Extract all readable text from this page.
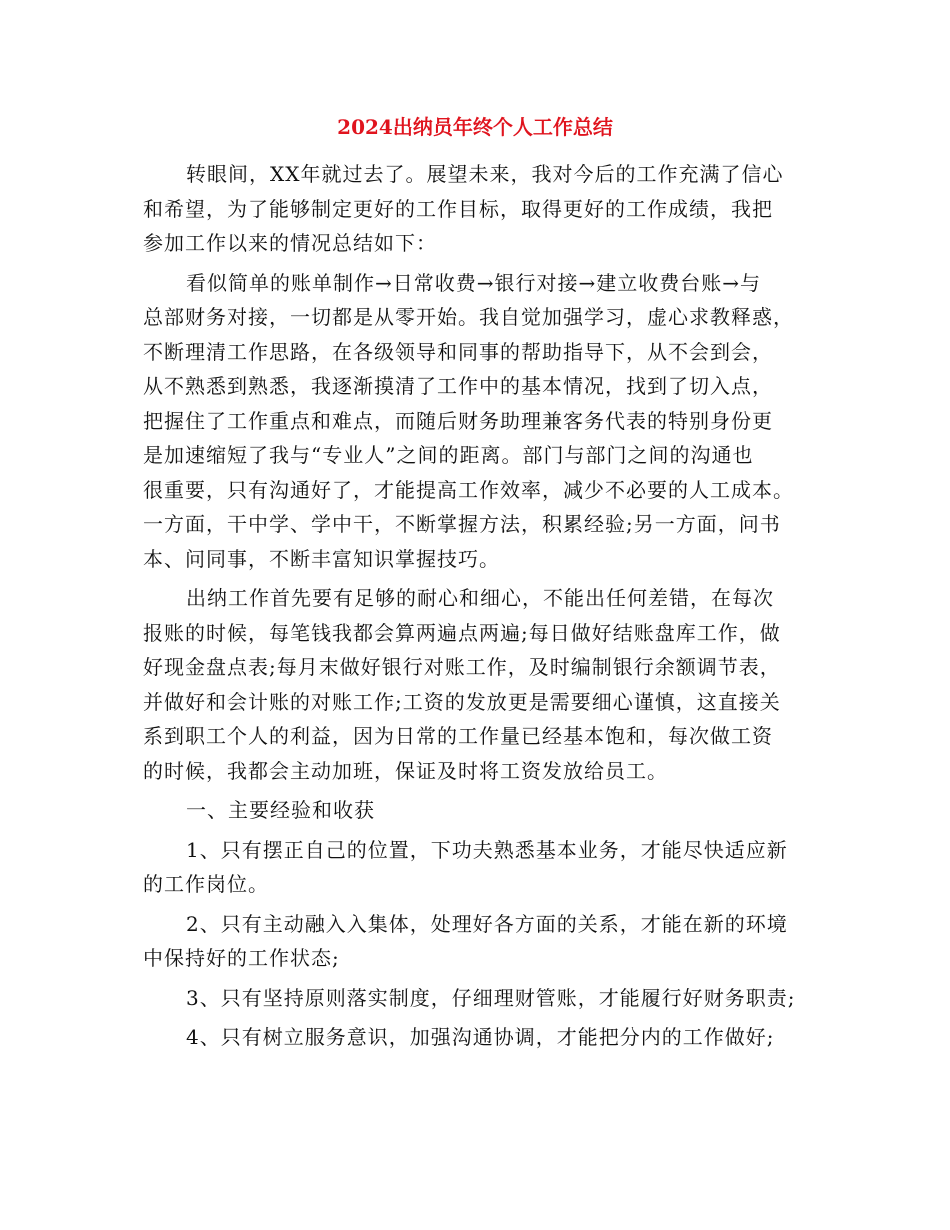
2024出纳员年终个人工作总结
转眼间，XX年就过去了。展望未来，我对今后的工作充满了信心
和希望，为了能够制定更好的工作目标，取得更好的工作成绩，我把
参加工作以来的情况总结如下：
看似简单的账单制作→日常收费→银行对接→建立收费台账→与
总部财务对接，一切都是从零开始。我自觉加强学习，虚心求教释惑，
不断理清工作思路，在各级领导和同事的帮助指导下，从不会到会，
从不熟悉到熟悉，我逐渐摸清了工作中的基本情况，找到了切入点，
把握住了工作重点和难点，而随后财务助理兼客务代表的特别身份更
是加速缩短了我与“专业人”之间的距离。部门与部门之间的沟通也
很重要，只有沟通好了，才能提高工作效率，减少不必要的人工成本。
一方面，干中学、学中干，不断掌握方法，积累经验;另一方面，问书
本、问同事，不断丰富知识掌握技巧。
出纳工作首先要有足够的耐心和细心，不能出任何差错，在每次
报账的时候，每笔钱我都会算两遍点两遍;每日做好结账盘库工作，做
好现金盘点表;每月末做好银行对账工作，及时编制银行余额调节表，
并做好和会计账的对账工作;工资的发放更是需要细心谨慎，这直接关
系到职工个人的利益，因为日常的工作量已经基本饱和，每次做工资
的时候，我都会主动加班，保证及时将工资发放给员工。
一、主要经验和收获
1、只有摆正自己的位置，下功夫熟悉基本业务，才能尽快适应新
的工作岗位。
2、只有主动融入入集体，处理好各方面的关系，才能在新的环境
中保持好的工作状态;
3、只有坚持原则落实制度，仔细理财管账，才能履行好财务职责;
4、只有树立服务意识，加强沟通协调，才能把分内的工作做好;
